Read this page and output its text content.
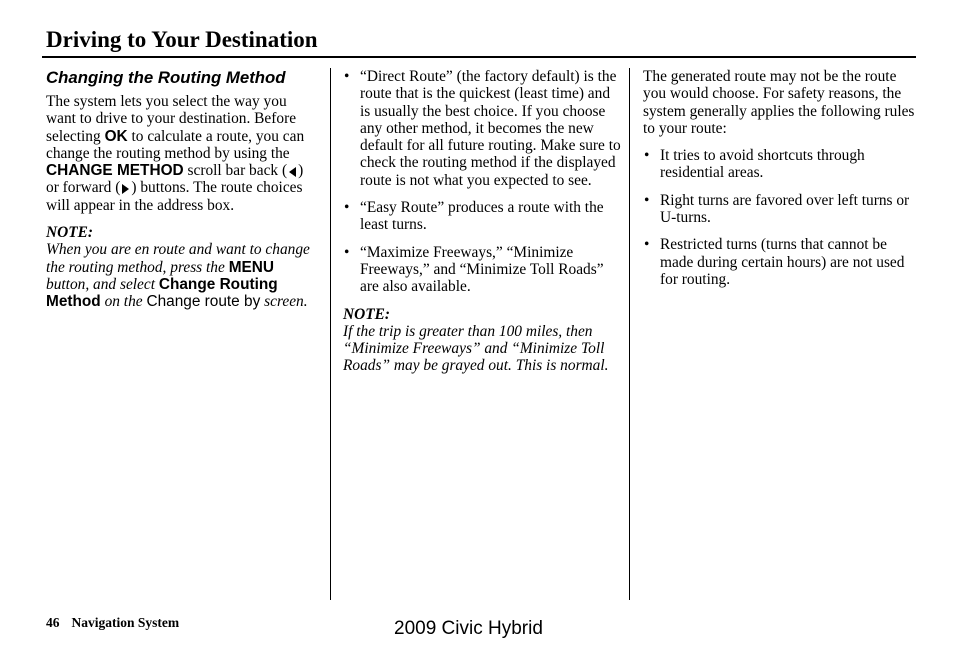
Driving to Your Destination
Changing the Routing Method

The system lets you select the way you want to drive to your destination. Before selecting OK to calculate a route, you can change the routing method by using the CHANGE METHOD scroll bar back ( ) or forward ( ) buttons. The route choices will appear in the address box.

NOTE:

When you are en route and want to change the routing method, press the MENU button, and select Change Routing Method on the Change route by screen.

• “Direct Route” (the factory default) is the route that is the quickest (least time) and is usually the best choice. If you choose any other method, it becomes the new default for all future routing. Make sure to check the routing method if the displayed route is not what you expected to see.
• “Easy Route” produces a route with the least turns.
• “Maximize Freeways,” “Minimize Freeways,” and “Minimize Toll Roads” are also available.

NOTE:

If the trip is greater than 100 miles, then “Minimize Freeways” and “Minimize Toll Roads” may be grayed out. This is normal.

The generated route may not be the route you would choose. For safety reasons, the system generally applies the following rules to your route:

• It tries to avoid shortcuts through residential areas.
• Right turns are favored over left turns or U-turns.
• Restricted turns (turns that cannot be made during certain hours) are not used for routing.
46 Navigation System	2009 Civic Hybrid
